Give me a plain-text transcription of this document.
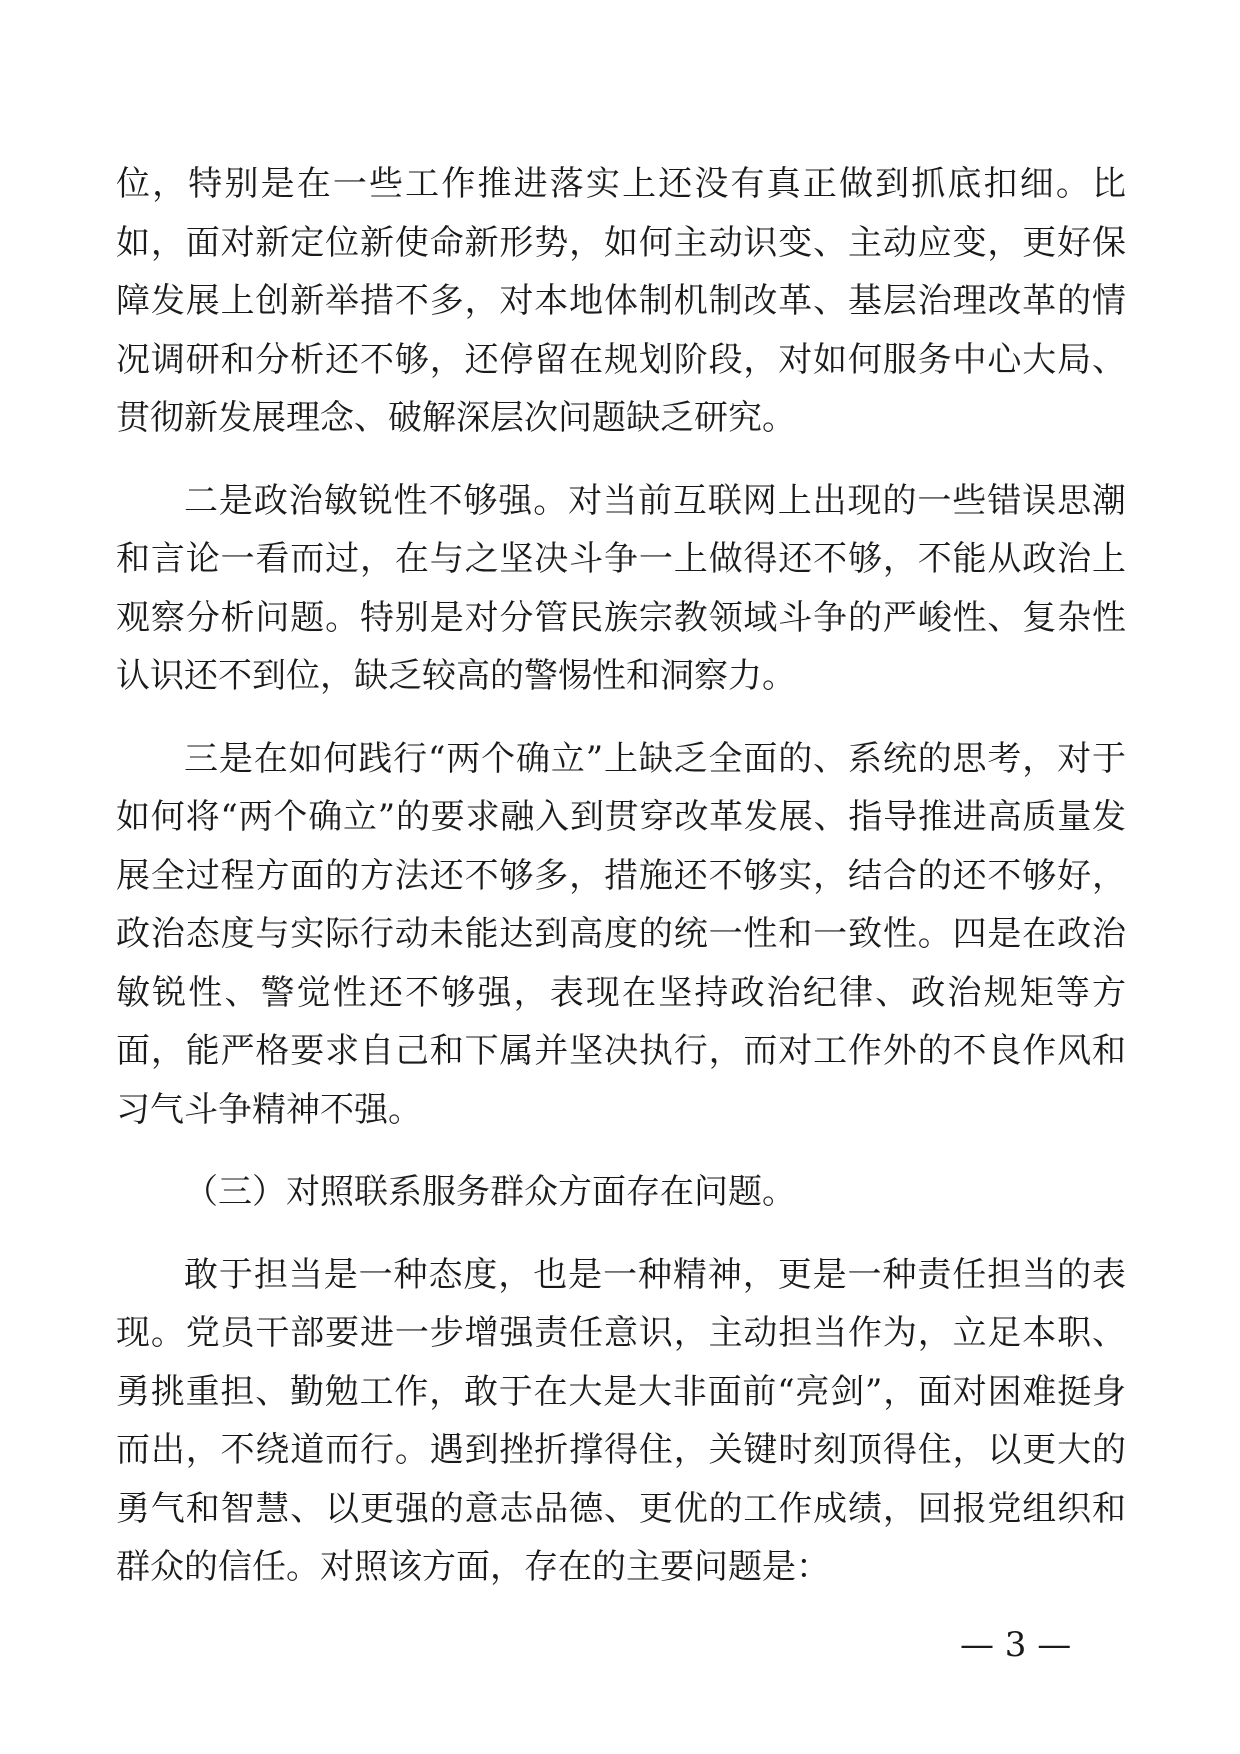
位，特别是在一些工作推进落实上还没有真正做到抓底扣细。比如，面对新定位新使命新形势，如何主动识变、主动应变，更好保障发展上创新举措不多，对本地体制机制改革、基层治理改革的情况调研和分析还不够，还停留在规划阶段，对如何服务中心大局、贯彻新发展理念、破解深层次问题缺乏研究。

二是政治敏锐性不够强。对当前互联网上出现的一些错误思潮和言论一看而过，在与之坚决斗争一上做得还不够，不能从政治上观察分析问题。特别是对分管民族宗教领域斗争的严峻性、复杂性认识还不到位，缺乏较高的警惕性和洞察力。

三是在如何践行“两个确立”上缺乏全面的、系统的思考，对于如何将“两个确立”的要求融入到贯穿改革发展、指导推进高质量发展全过程方面的方法还不够多，措施还不够实，结合的还不够好，政治态度与实际行动未能达到高度的统一性和一致性。四是在政治敏锐性、警觉性还不够强，表现在坚持政治纪律、政治规矩等方面，能严格要求自己和下属并坚决执行，而对工作外的不良作风和习气斗争精神不强。

（三）对照联系服务群众方面存在问题。

敢于担当是一种态度，也是一种精神，更是一种责任担当的表现。党员干部要进一步增强责任意识，主动担当作为，立足本职、勇挑重担、勤勉工作，敢于在大是大非面前“亮剑”，面对困难挺身而出，不绕道而行。遇到挫折撑得住，关键时刻顶得住，以更大的勇气和智慧、以更强的意志品德、更优的工作成绩，回报党组织和群众的信任。对照该方面，存在的主要问题是：

— 3 —
